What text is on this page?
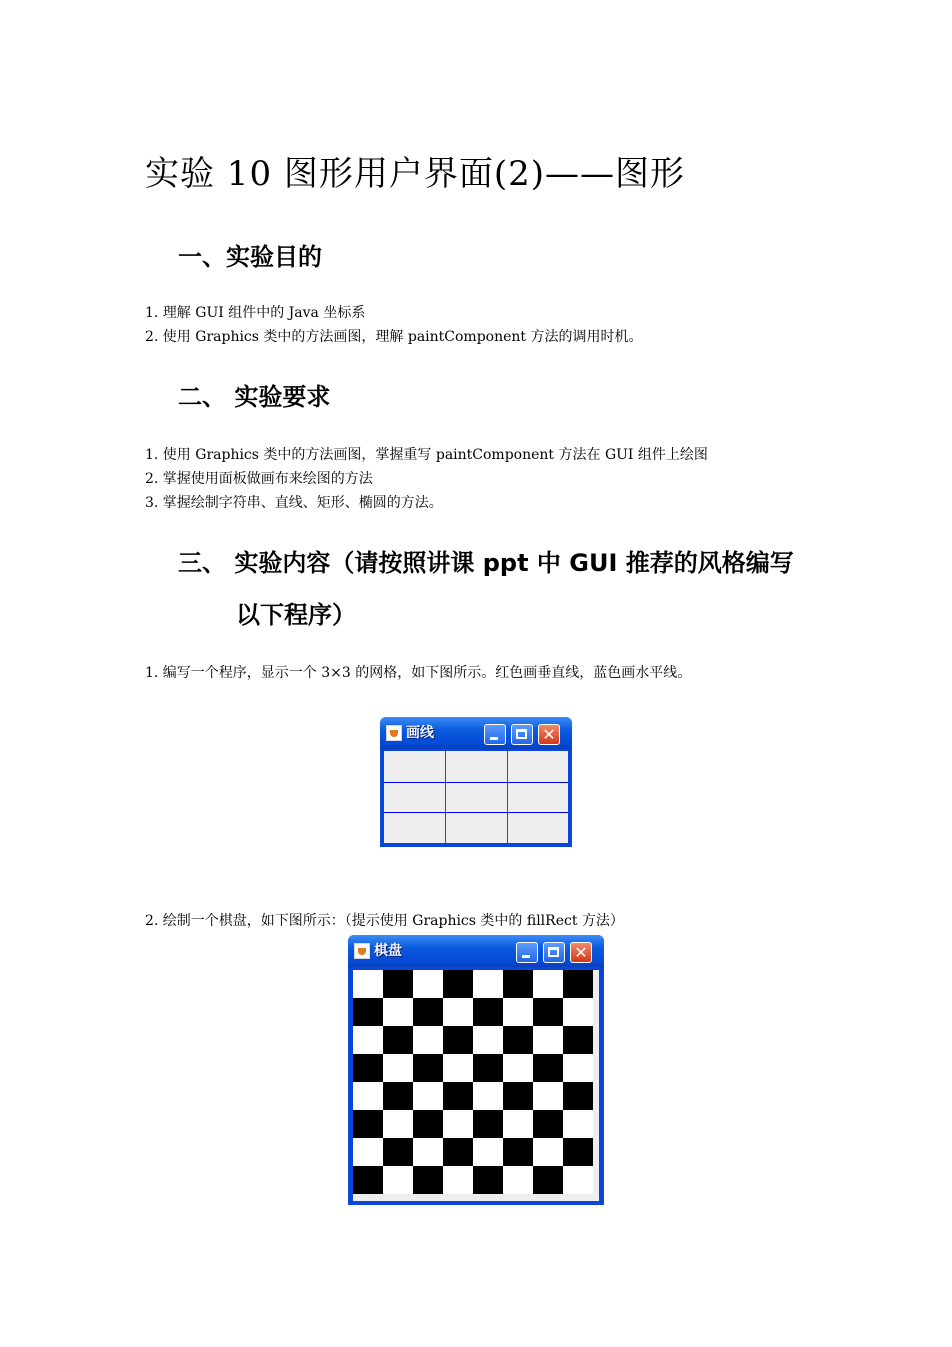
实验 10 图形用户界面(2)——图形
一、实验目的
1. 理解 GUI 组件中的 Java 坐标系
2. 使用 Graphics 类中的方法画图，理解 paintComponent 方法的调用时机。
二、 实验要求
1. 使用 Graphics 类中的方法画图，掌握重写 paintComponent 方法在 GUI 组件上绘图
2. 掌握使用面板做画布来绘图的方法
3. 掌握绘制字符串、直线、矩形、椭圆的方法。
三、 实验内容（请按照讲课 ppt 中 GUI 推荐的风格编写
以下程序）
1. 编写一个程序，显示一个 3×3 的网格，如下图所示。红色画垂直线，蓝色画水平线。
画线	✕
2. 绘制一个棋盘，如下图所示：（提示使用 Graphics 类中的 fillRect 方法）
棋盘	✕
